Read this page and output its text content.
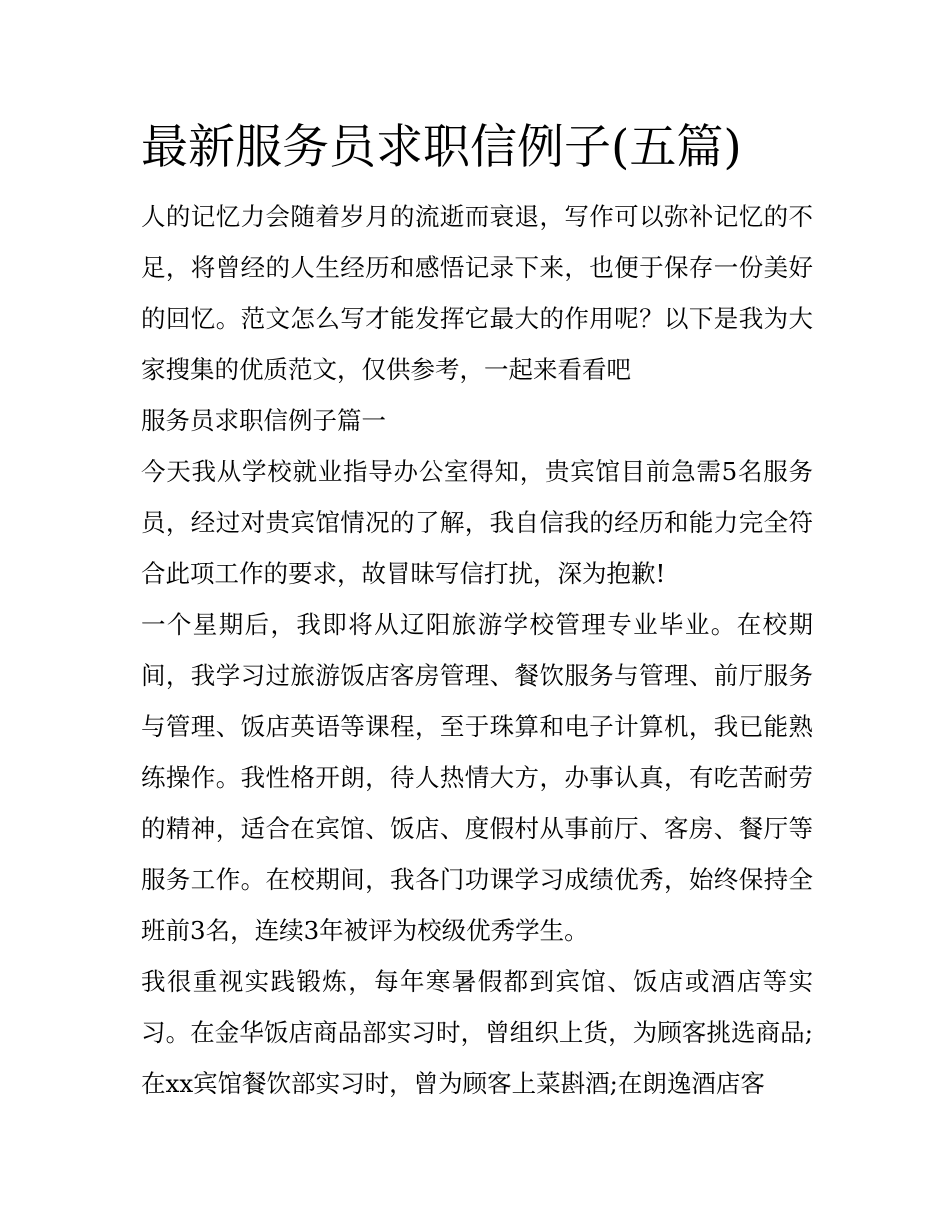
最新服务员求职信例子(五篇)

人的记忆力会随着岁月的流逝而衰退，写作可以弥补记忆的不足，将曾经的人生经历和感悟记录下来，也便于保存一份美好的回忆。范文怎么写才能发挥它最大的作用呢？以下是我为大家搜集的优质范文，仅供参考，一起来看看吧

服务员求职信例子篇一

今天我从学校就业指导办公室得知，贵宾馆目前急需5名服务员，经过对贵宾馆情况的了解，我自信我的经历和能力完全符合此项工作的要求，故冒昧写信打扰，深为抱歉!

一个星期后，我即将从辽阳旅游学校管理专业毕业。在校期间，我学习过旅游饭店客房管理、餐饮服务与管理、前厅服务与管理、饭店英语等课程，至于珠算和电子计算机，我已能熟练操作。我性格开朗，待人热情大方，办事认真，有吃苦耐劳的精神，适合在宾馆、饭店、度假村从事前厅、客房、餐厅等服务工作。在校期间，我各门功课学习成绩优秀，始终保持全班前3名，连续3年被评为校级优秀学生。

我很重视实践锻炼，每年寒暑假都到宾馆、饭店或酒店等实习。在金华饭店商品部实习时，曾组织上货，为顾客挑选商品;在xx宾馆餐饮部实习时，曾为顾客上菜斟酒;在朗逸酒店客
